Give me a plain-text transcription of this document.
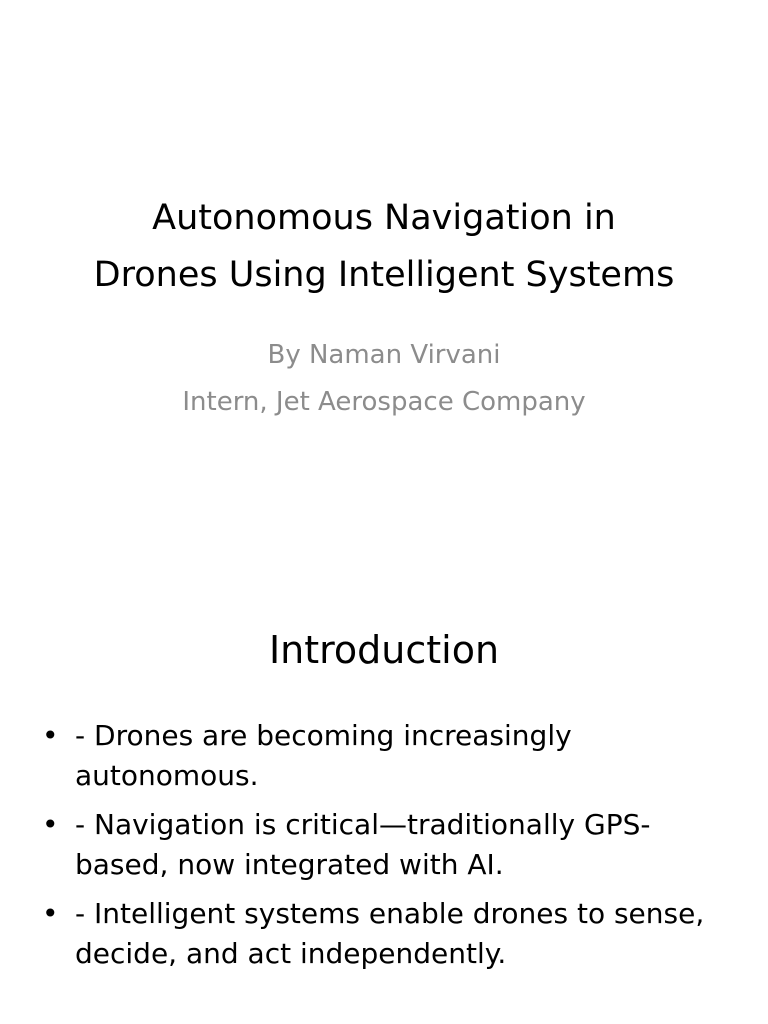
Autonomous Navigation in
Drones Using Intelligent Systems
By Naman Virvani
Intern, Jet Aerospace Company
Introduction
• - Drones are becoming increasingly
autonomous.
• - Navigation is critical—traditionally GPS-
based, now integrated with AI.
• - Intelligent systems enable drones to sense,
decide, and act independently.
